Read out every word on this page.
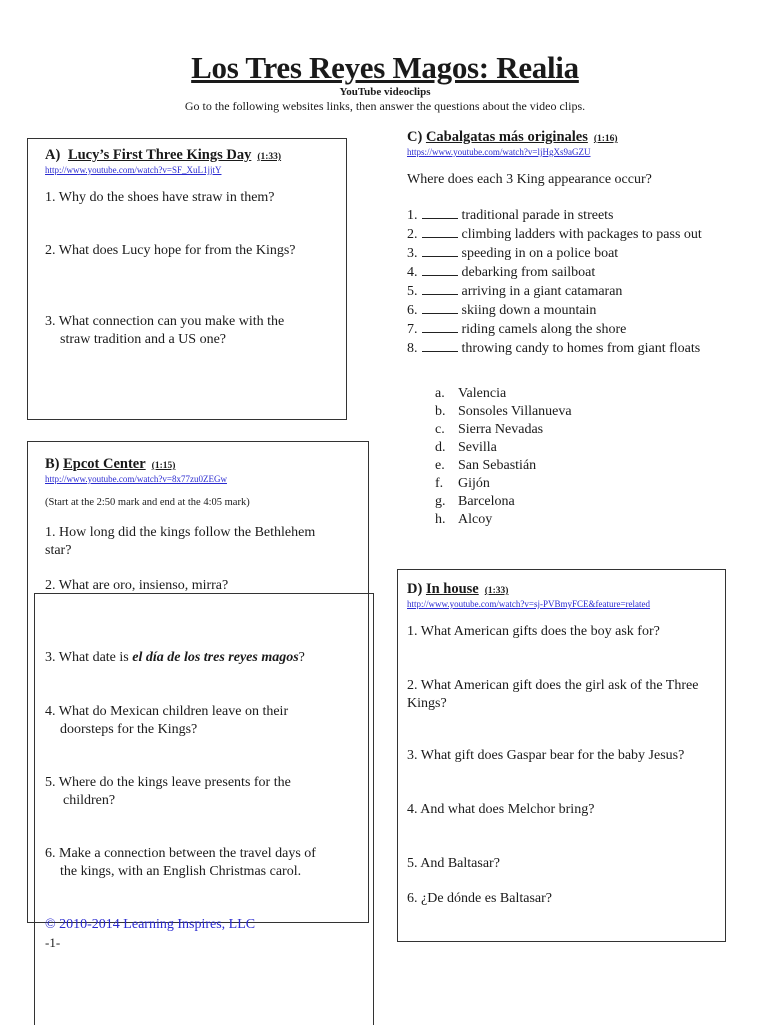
Los Tres Reyes Magos: Realia
YouTube videoclips
Go to the following websites links, then answer the questions about the video clips.
A) Lucy’s First Three Kings Day (1:33)
http://www.youtube.com/watch?v=SF_XuL1jjtY
1. Why do the shoes have straw in them?
2. What does Lucy hope for from the Kings?
3. What connection can you make with the
straw tradition and a US one?
B) Epcot Center (1:15)
http://www.youtube.com/watch?v=8x77zu0ZEGw
(Start at the 2:50 mark and end at the 4:05 mark)
1. How long did the kings follow the Bethlehem
star?
2. What are oro, insienso, mirra?
3. What date is el día de los tres reyes magos?
4. What do Mexican children leave on their
doorsteps for the Kings?
5. Where do the kings leave presents for the
children?
6. Make a connection between the travel days of
the kings, with an English Christmas carol.
C) Cabalgatas más originales (1:16)
https://www.youtube.com/watch?v=ljHgXs9aGZU
Where does each 3 King appearance occur?
1.	traditional parade in streets
2.	climbing ladders with packages to pass out
3.	speeding in on a police boat
4.	debarking from sailboat
5.	arriving in a giant catamaran
6.	skiing down a mountain
7.	riding camels along the shore
8.	throwing candy to homes from giant floats
a. Valencia
b. Sonsoles Villanueva
c. Sierra Nevadas
d. Sevilla
e. San Sebastián
f. Gijón
g. Barcelona
h. Alcoy
D) In house (1:33)
http://www.youtube.com/watch?v=sj-PVBmyFCE&feature=related
1. What American gifts does the boy ask for?
2. What American gift does the girl ask of the Three
Kings?
3. What gift does Gaspar bear for the baby Jesus?
4. And what does Melchor bring?
5. And Baltasar?
6. ¿De dónde es Baltasar?
© 2010-2014 Learning Inspires, LLC
-1-
